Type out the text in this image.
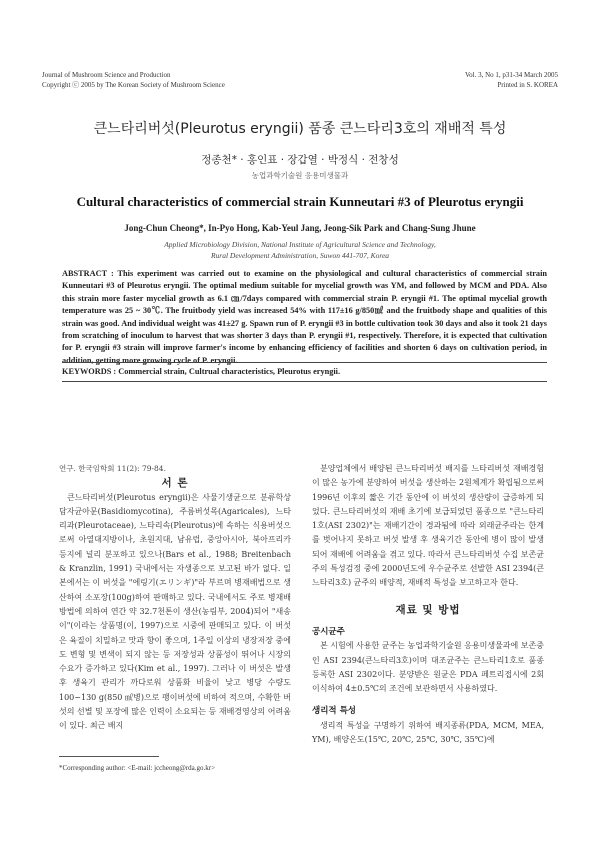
Journal of Mushroom Science and Production
Copyright ⓒ 2005 by The Korean Society of Mushroom Science
Vol. 3, No 1, p31-34 March 2005
Printed in S. KOREA
큰느타리버섯(Pleurotus eryngii) 품종 큰느타리3호의 재배적 특성
정종천* · 홍인표 · 장갑열 · 박정식 · 전창성
농업과학기술원 응용미생물과
Cultural characteristics of commercial strain Kunneutari #3 of Pleurotus eryngii
Jong-Chun Cheong*, In-Pyo Hong, Kab-Yeul Jang, Jeong-Sik Park and Chang-Sung Jhune
Applied Microbiology Division, National Institute of Agricultural Science and Technology,
Rural Development Administration, Suwon 441-707, Korea
ABSTRACT : This experiment was carried out to examine on the physiological and cultural characteristics of commercial strain Kunneutari #3 of Pleurotus eryngii. The optimal medium suitable for mycelial growth was YM, and followed by MCM and PDA. Also this strain more faster mycelial growth as 6.1 ㎝/7days compared with commercial strain P. eryngii #1. The optimal mycelial growth temperature was 25 ~ 30℃. The fruitbody yield was increased 54% with 117±16 g/850㎖ and the fruitbody shape and qualities of this strain was good. And individual weight was 41±27 g. Spawn run of P. eryngii #3 in bottle cultivation took 30 days and also it took 21 days from scratching of inoculum to harvest that was shorter 3 days than P. eryngii #1, respectively. Therefore, it is expected that cultivation for P. eryngii #3 strain will improve farmer's income by enhancing efficiency of facilities and shorten 6 days on cultivation period, in addition, getting more growing cycle of P. eryngii.
KEYWORDS : Commercial strain, Cultrual characteristics, Pleurotus eryngii.
연구. 한국임학회 11(2): 79-84.
서 론

큰느타리버섯(Pleurotus eryngii)은 사물기생균으로 분류학상 담자균아문(Basidiomycotina), 주름버섯목(Agaricales), 느타리과(Pleurotaceae), 느타리속(Pleurotus)에 속하는 식용버섯으로써 아열대지방이나, 초원지대, 남유럽, 중앙아시아, 북아프리카 등지에 널리 분포하고 있으나(Bars et al., 1988; Breitenbach & Kranzlin, 1991) 국내에서는 자생종으로 보고된 바가 없다. 일본에서는 이 버섯을 "에링기(エリンギ)"라 부르며 병재배법으로 생산하여 소포장(100g)하여 판매하고 있다. 국내에서도 주로 병재배 방법에 의하여 연간 약 32.7천톤이 생산(농림부, 2004)되어 "새송이"(이라는 상품명(이, 1997)으로 시중에 판매되고 있다. 이 버섯은 육질이 치밀하고 맛과 향이 좋으며, 1주일 이상의 냉장저장 중에도 변형 및 변색이 되지 않는 등 저장성과 상품성이 뛰어나 시장의 수요가 증가하고 있다(Kim et al., 1997). 그러나 이 버섯은 발생후 생육기 관리가 까다로워 상품화 비율이 낮고 병당 수량도 100~130 g(850 ㎖병)으로 팽이버섯에 비하여 적으며, 수확한 버섯의 선별 및 포장에 많은 인력이 소요되는 등 재배경영상의 어려움이 있다. 최근 배지

분양업체에서 배양된 큰느타리버섯 배지를 느타리버섯 재배경험이 많은 농가에 분양하여 버섯을 생산하는 2원체계가 확립됨으로써 1996년 이후의 짧은 기간 동안에 이 버섯의 생산량이 급증하게 되었다. 큰느타리버섯의 재배 초기에 보급되었던 품종으로 "큰느타리1호(ASI 2302)"는 재배기간이 경과됨에 따라 외래균주라는 한계를 벗어나지 못하고 버섯 발생 후 생육기간 동안에 병이 많이 발생되어 재배에 어려움을 겪고 있다. 따라서 큰느타리버섯 수집 보존균주의 특성검정 중에 2000년도에 우수균주로 선발한 ASI 2394(큰느타리3호) 균주의 배양적, 재배적 특성을 보고하고자 한다.

재료 및 방법
공시균주

본 시험에 사용한 균주는 농업과학기술원 응용미생물과에 보존중인 ASI 2394(큰느타리3호)이며 대조균주는 큰느타리1호로 품종등록한 ASI 2302이다. 분양받은 원균은 PDA 페트리접시에 2회 이식하여 4±0.5℃의 조건에 보관하면서 사용하였다.

생리적 특성

생리적 특성을 구명하기 위하여 배지종류(PDA, MCM, MEA, YM), 배양온도(15℃, 20℃, 25℃, 30℃, 35℃)에

*Corresponding author: <E-mail: jccheong@rda.go.kr>
